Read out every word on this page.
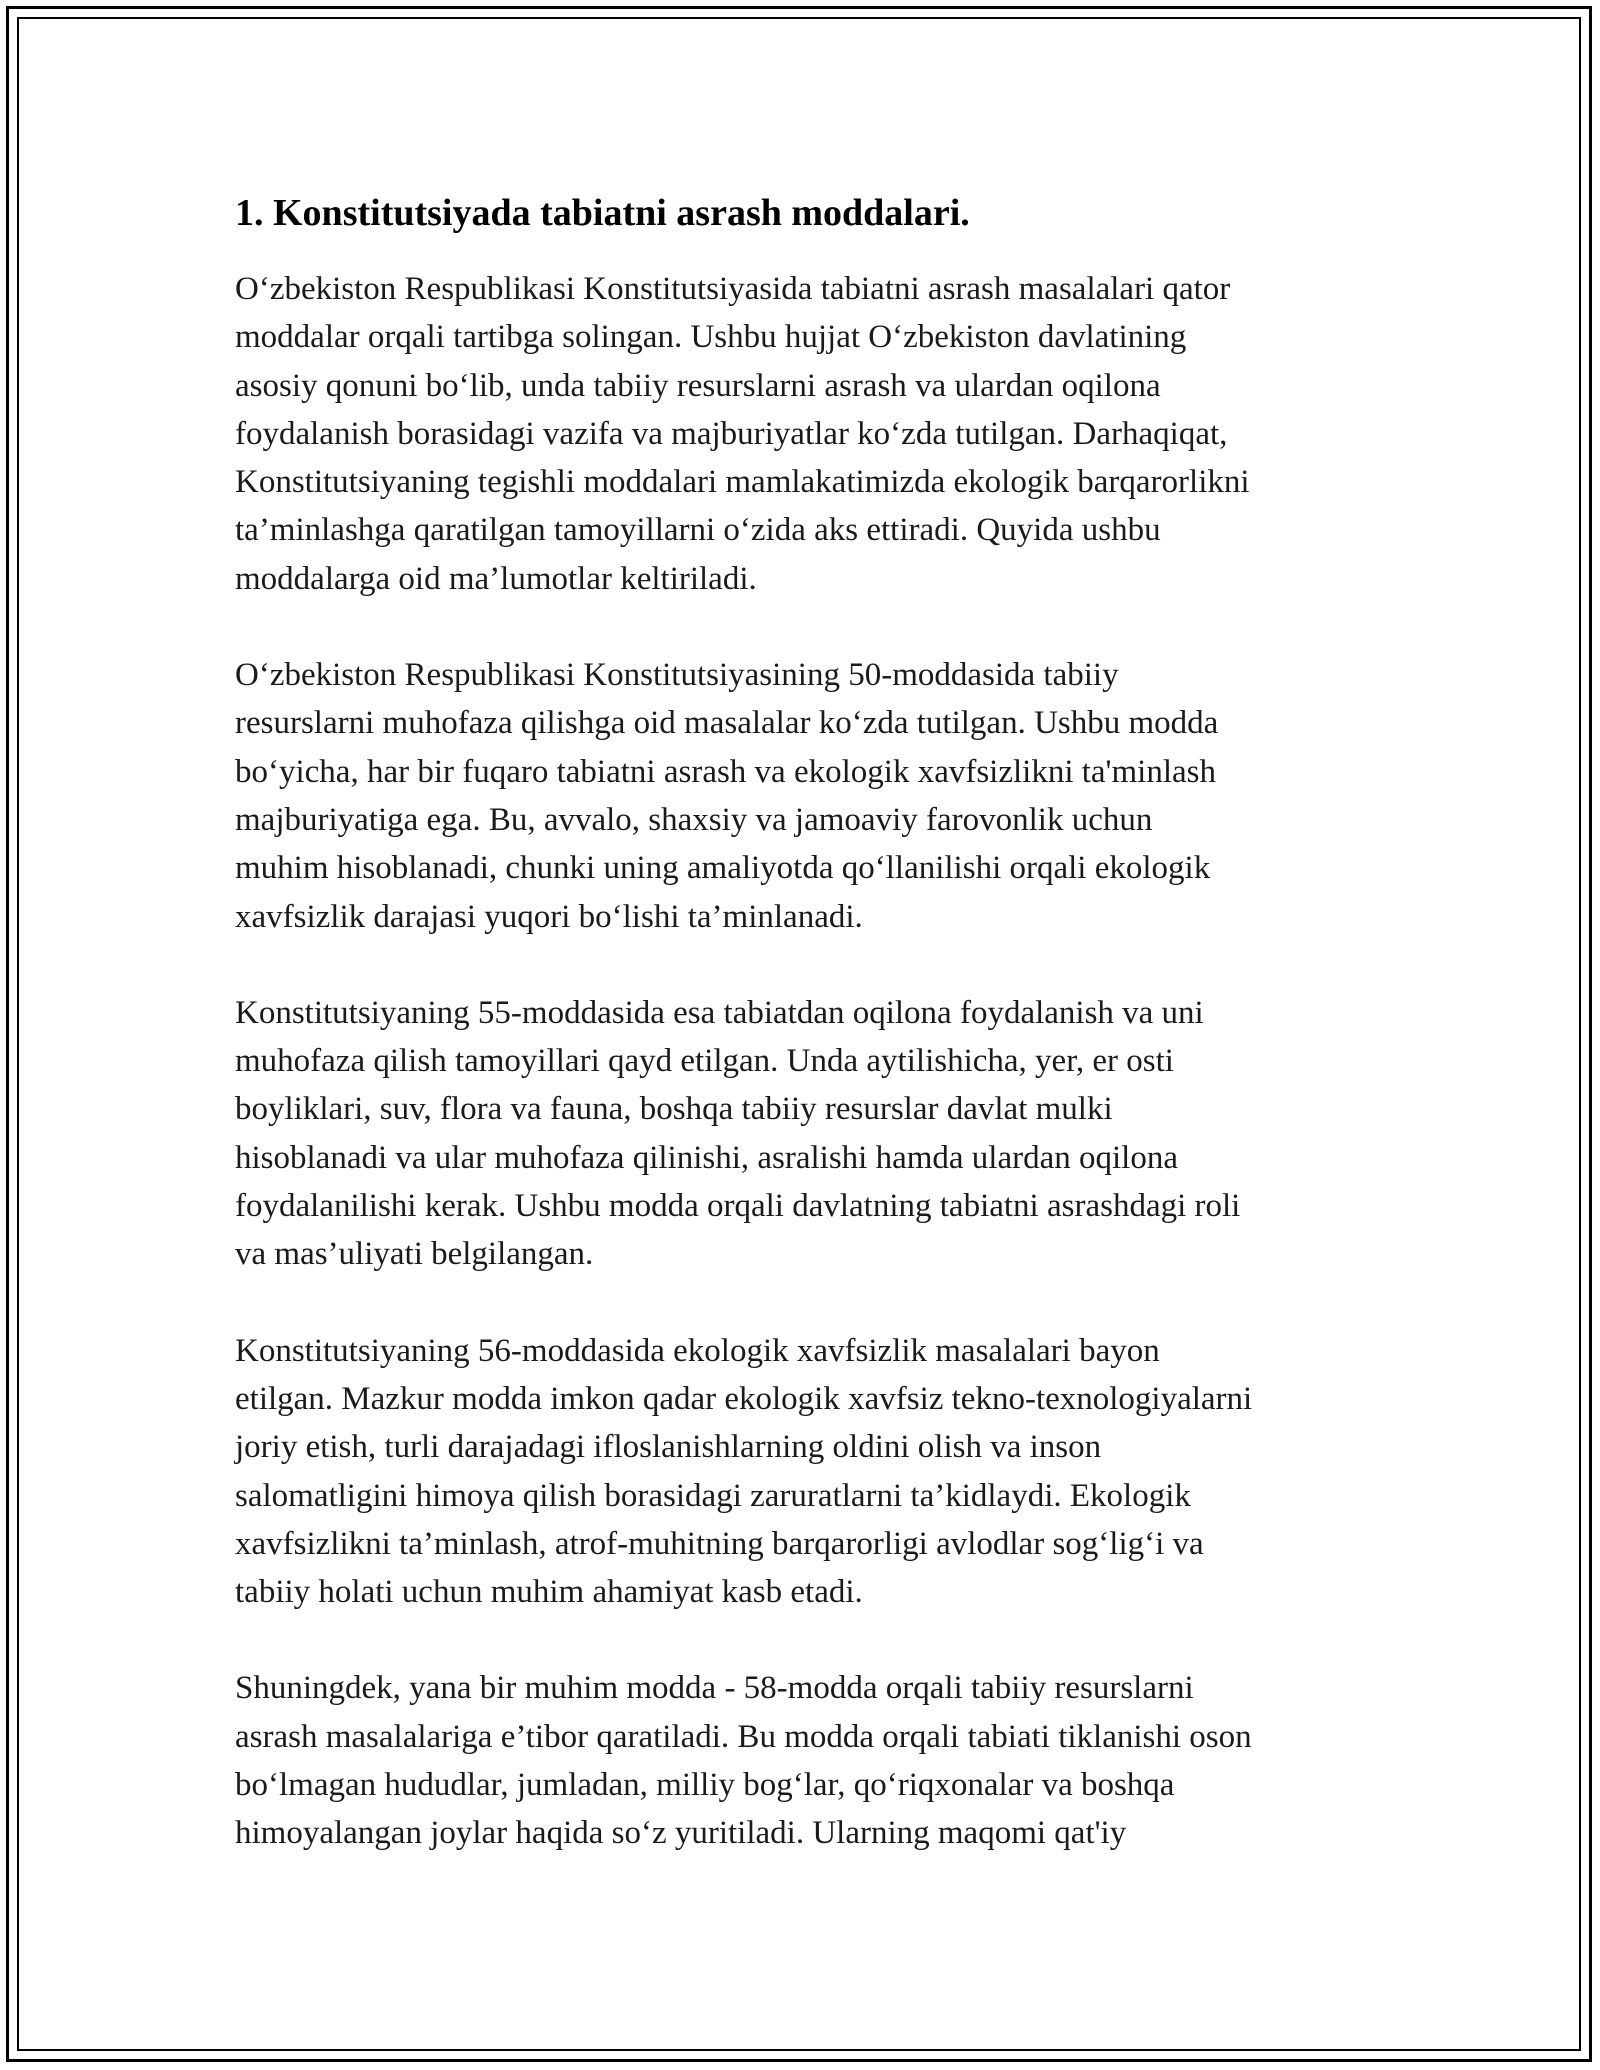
1. Konstitutsiyada tabiatni asrash moddalari.

O‘zbekiston Respublikasi Konstitutsiyasida tabiatni asrash masalalari qator
moddalar orqali tartibga solingan. Ushbu hujjat O‘zbekiston davlatining
asosiy qonuni bo‘lib, unda tabiiy resurslarni asrash va ulardan oqilona
foydalanish borasidagi vazifa va majburiyatlar ko‘zda tutilgan. Darhaqiqat,
Konstitutsiyaning tegishli moddalari mamlakatimizda ekologik barqarorlikni
ta’minlashga qaratilgan tamoyillarni o‘zida aks ettiradi. Quyida ushbu
moddalarga oid ma’lumotlar keltiriladi.

O‘zbekiston Respublikasi Konstitutsiyasining 50-moddasida tabiiy
resurslarni muhofaza qilishga oid masalalar ko‘zda tutilgan. Ushbu modda
bo‘yicha, har bir fuqaro tabiatni asrash va ekologik xavfsizlikni ta'minlash
majburiyatiga ega. Bu, avvalo, shaxsiy va jamoaviy farovonlik uchun
muhim hisoblanadi, chunki uning amaliyotda qo‘llanilishi orqali ekologik
xavfsizlik darajasi yuqori bo‘lishi ta’minlanadi.

Konstitutsiyaning 55-moddasida esa tabiatdan oqilona foydalanish va uni
muhofaza qilish tamoyillari qayd etilgan. Unda aytilishicha, yer, er osti
boyliklari, suv, flora va fauna, boshqa tabiiy resurslar davlat mulki
hisoblanadi va ular muhofaza qilinishi, asralishi hamda ulardan oqilona
foydalanilishi kerak. Ushbu modda orqali davlatning tabiatni asrashdagi roli
va mas’uliyati belgilangan.

Konstitutsiyaning 56-moddasida ekologik xavfsizlik masalalari bayon
etilgan. Mazkur modda imkon qadar ekologik xavfsiz tekno-texnologiyalarni
joriy etish, turli darajadagi ifloslanishlarning oldini olish va inson
salomatligini himoya qilish borasidagi zaruratlarni ta’kidlaydi. Ekologik
xavfsizlikni ta’minlash, atrof-muhitning barqarorligi avlodlar sog‘lig‘i va
tabiiy holati uchun muhim ahamiyat kasb etadi.

Shuningdek, yana bir muhim modda - 58-modda orqali tabiiy resurslarni
asrash masalalariga e’tibor qaratiladi. Bu modda orqali tabiati tiklanishi oson
bo‘lmagan hududlar, jumladan, milliy bog‘lar, qo‘riqxonalar va boshqa
himoyalangan joylar haqida so‘z yuritiladi. Ularning maqomi qat'iy
